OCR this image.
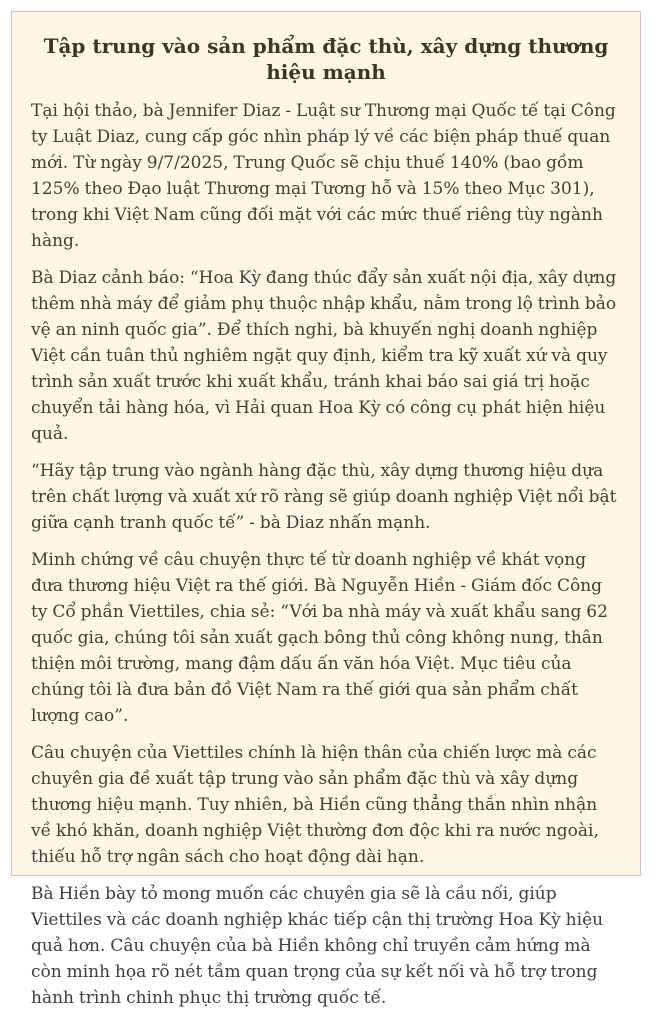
Tập trung vào sản phẩm đặc thù, xây dựng thương hiệu mạnh

Tại hội thảo, bà Jennifer Diaz - Luật sư Thương mại Quốc tế tại Công ty Luật Diaz, cung cấp góc nhìn pháp lý về các biện pháp thuế quan mới. Từ ngày 9/7/2025, Trung Quốc sẽ chịu thuế 140% (bao gồm 125% theo Đạo luật Thương mại Tương hỗ và 15% theo Mục 301), trong khi Việt Nam cũng đối mặt với các mức thuế riêng tùy ngành hàng.

Bà Diaz cảnh báo: “Hoa Kỳ đang thúc đẩy sản xuất nội địa, xây dựng thêm nhà máy để giảm phụ thuộc nhập khẩu, nằm trong lộ trình bảo vệ an ninh quốc gia”. Để thích nghi, bà khuyến nghị doanh nghiệp Việt cần tuân thủ nghiêm ngặt quy định, kiểm tra kỹ xuất xứ và quy trình sản xuất trước khi xuất khẩu, tránh khai báo sai giá trị hoặc chuyển tải hàng hóa, vì Hải quan Hoa Kỳ có công cụ phát hiện hiệu quả.

“Hãy tập trung vào ngành hàng đặc thù, xây dựng thương hiệu dựa trên chất lượng và xuất xứ rõ ràng sẽ giúp doanh nghiệp Việt nổi bật giữa cạnh tranh quốc tế” - bà Diaz nhấn mạnh.

Minh chứng về câu chuyện thực tế từ doanh nghiệp về khát vọng đưa thương hiệu Việt ra thế giới. Bà Nguyễn Hiền - Giám đốc Công ty Cổ phần Viettiles, chia sẻ: “Với ba nhà máy và xuất khẩu sang 62 quốc gia, chúng tôi sản xuất gạch bông thủ công không nung, thân thiện môi trường, mang đậm dấu ấn văn hóa Việt. Mục tiêu của chúng tôi là đưa bản đồ Việt Nam ra thế giới qua sản phẩm chất lượng cao”.

Câu chuyện của Viettiles chính là hiện thân của chiến lược mà các chuyên gia đề xuất tập trung vào sản phẩm đặc thù và xây dựng thương hiệu mạnh. Tuy nhiên, bà Hiền cũng thẳng thắn nhìn nhận về khó khăn, doanh nghiệp Việt thường đơn độc khi ra nước ngoài, thiếu hỗ trợ ngân sách cho hoạt động dài hạn.

Bà Hiền bày tỏ mong muốn các chuyên gia sẽ là cầu nối, giúp Viettiles và các doanh nghiệp khác tiếp cận thị trường Hoa Kỳ hiệu quả hơn. Câu chuyện của bà Hiền không chỉ truyền cảm hứng mà còn minh họa rõ nét tầm quan trọng của sự kết nối và hỗ trợ trong hành trình chinh phục thị trường quốc tế.
